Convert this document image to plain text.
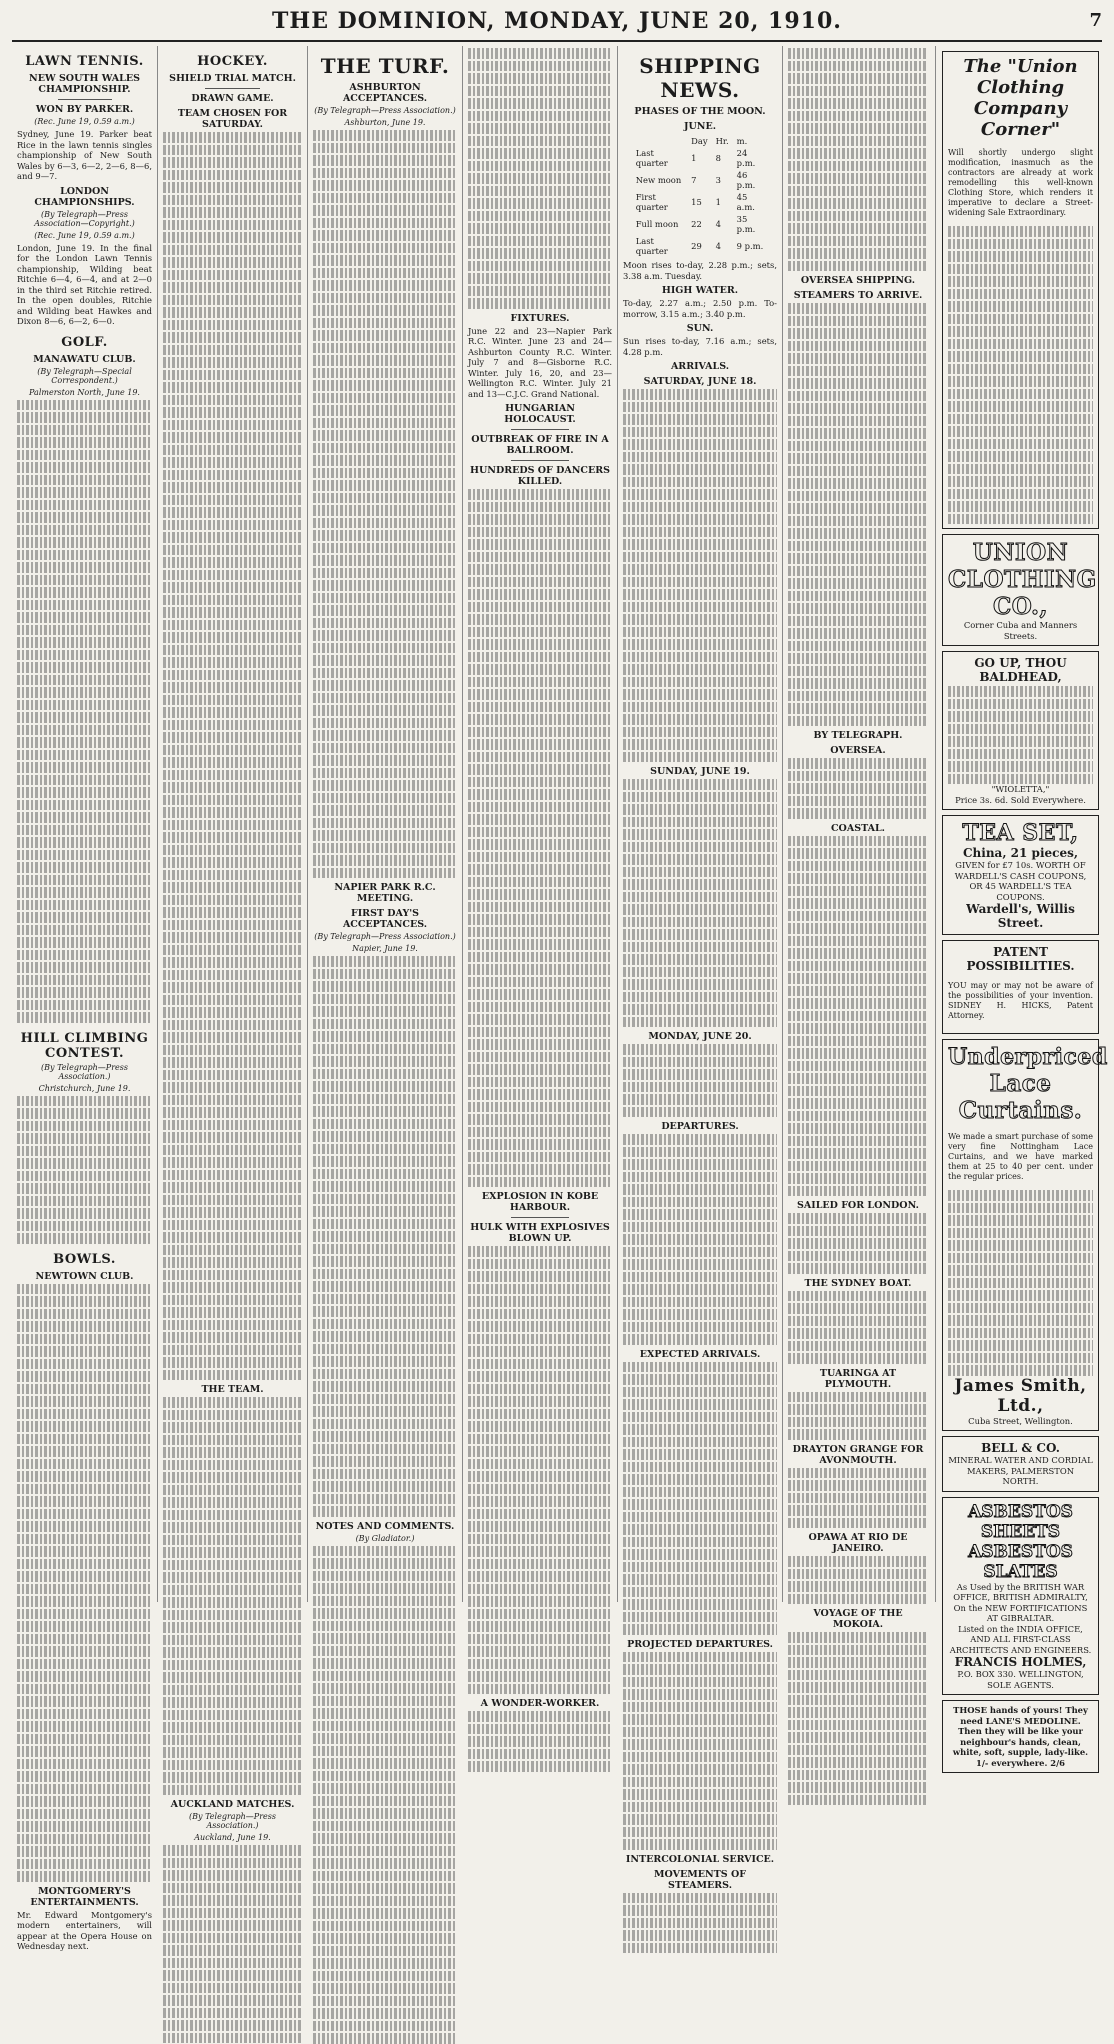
THE DOMINION, MONDAY, JUNE 20, 1910.	7
LAWN TENNIS.
NEW SOUTH WALES CHAMPIONSHIP.
WON BY PARKER.
(Rec. June 19, 0.59 a.m.)

Sydney, June 19. Parker beat Rice in the lawn tennis singles championship of New South Wales by 6—3, 6—2, 2—6, 8—6, and 9—7.

LONDON CHAMPIONSHIPS.
(By Telegraph—Press Association—Copyright.)
(Rec. June 19, 0.59 a.m.)

London, June 19. In the final for the London Lawn Tennis championship, Wilding beat Ritchie 6—4, 6—4, and at 2—0 in the third set Ritchie retired. In the open doubles, Ritchie and Wilding beat Hawkes and Dixon 8—6, 6—2, 6—0.

GOLF.
MANAWATU CLUB.
(By Telegraph—Special Correspondent.)
Palmerston North, June 19.
HILL CLIMBING CONTEST.
(By Telegraph—Press Association.)
Christchurch, June 19.
BOWLS.
NEWTOWN CLUB.
MONTGOMERY'S ENTERTAINMENTS.

Mr. Edward Montgomery's modern entertainers, will appear at the Opera House on Wednesday next.

HOCKEY.
SHIELD TRIAL MATCH.
DRAWN GAME.
TEAM CHOSEN FOR SATURDAY.
THE TEAM.
AUCKLAND MATCHES.
(By Telegraph—Press Association.)
Auckland, June 19.
THE TURF.
ASHBURTON ACCEPTANCES.
(By Telegraph—Press Association.)
Ashburton, June 19.
NAPIER PARK R.C. MEETING.
FIRST DAY'S ACCEPTANCES.
(By Telegraph—Press Association.)
Napier, June 19.
NOTES AND COMMENTS.
(By Gladiator.)
FIXTURES.

June 22 and 23—Napier Park R.C. Winter. June 23 and 24—Ashburton County R.C. Winter. July 7 and 8—Gisborne R.C. Winter. July 16, 20, and 23—Wellington R.C. Winter. July 21 and 13—C.J.C. Grand National.

HUNGARIAN HOLOCAUST.
OUTBREAK OF FIRE IN A BALLROOM.
HUNDREDS OF DANCERS KILLED.
EXPLOSION IN KOBE HARBOUR.
HULK WITH EXPLOSIVES BLOWN UP.
A WONDER-WORKER.
SHIPPING NEWS.
PHASES OF THE MOON.
JUNE.
	Day	Hr.	m.
Last quarter	1	8	24 p.m.
New moon	7	3	46 p.m.
First quarter	15	1	45 a.m.
Full moon	22	4	35 p.m.
Last quarter	29	4	9 p.m.

Moon rises to-day, 2.28 p.m.; sets, 3.38 a.m. Tuesday.

HIGH WATER.

To-day, 2.27 a.m.; 2.50 p.m. To-morrow, 3.15 a.m.; 3.40 p.m.

SUN.

Sun rises to-day, 7.16 a.m.; sets, 4.28 p.m.

ARRIVALS.
SATURDAY, JUNE 18.
SUNDAY, JUNE 19.
MONDAY, JUNE 20.
DEPARTURES.
EXPECTED ARRIVALS.
PROJECTED DEPARTURES.
INTERCOLONIAL SERVICE.
MOVEMENTS OF STEAMERS.
OVERSEA SHIPPING.
STEAMERS TO ARRIVE.
BY TELEGRAPH.
OVERSEA.
COASTAL.
SAILED FOR LONDON.
THE SYDNEY BOAT.
TUARINGA AT PLYMOUTH.
DRAYTON GRANGE FOR AVONMOUTH.
OPAWA AT RIO DE JANEIRO.
VOYAGE OF THE MOKOIA.
The "Union Clothing Company Corner"

Will shortly undergo slight modification, inasmuch as the contractors are already at work remodelling this well-known Clothing Store, which renders it imperative to declare a Street-widening Sale Extraordinary.

UNION CLOTHING CO.,
Corner Cuba and Manners Streets.
GO UP, THOU BALDHEAD,
"WIOLETTA,"
Price 3s. 6d. Sold Everywhere.
TEA SET,
China, 21 pieces,
GIVEN for £7 10s. WORTH OF WARDELL'S CASH COUPONS, OR 45 WARDELL'S TEA COUPONS.
Wardell's, Willis Street.
PATENT POSSIBILITIES.

YOU may or may not be aware of the possibilities of your invention. SIDNEY H. HICKS, Patent Attorney.

Underpriced
Lace Curtains.

We made a smart purchase of some very fine Nottingham Lace Curtains, and we have marked them at 25 to 40 per cent. under the regular prices.

James Smith, Ltd.,
Cuba Street, Wellington.
BELL & CO.
MINERAL WATER AND CORDIAL MAKERS, PALMERSTON NORTH.
ASBESTOS SHEETS
ASBESTOS SLATES
As Used by the BRITISH WAR OFFICE, BRITISH ADMIRALTY, On the NEW FORTIFICATIONS AT GIBRALTAR.
Listed on the INDIA OFFICE, AND ALL FIRST-CLASS ARCHITECTS AND ENGINEERS.
FRANCIS HOLMES,
P.O. BOX 330. WELLINGTON, SOLE AGENTS.
THOSE hands of yours! They need LANE'S MEDOLINE. Then they will be like your neighbour's hands, clean, white, soft, supple, lady-like. 1/- everywhere. 2/6
